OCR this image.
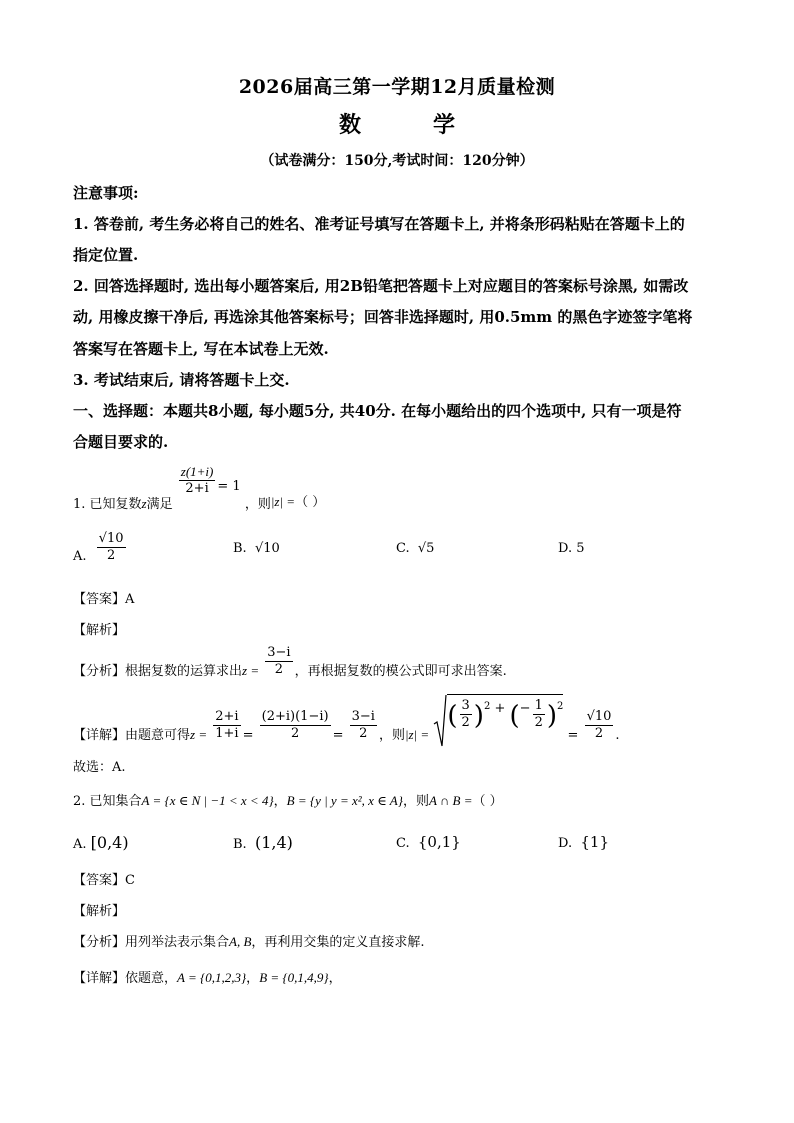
2026届高三第一学期12月质量检测
数	学
（试卷满分：150分,考试时间：120分钟）
注意事项:
1. 答卷前, 考生务必将自己的姓名、准考证号填写在答题卡上, 并将条形码粘贴在答题卡上的
指定位置.
2. 回答选择题时, 选出每小题答案后, 用2B铅笔把答题卡上对应题目的答案标号涂黑, 如需改
动, 用橡皮擦干净后, 再选涂其他答案标号；回答非选择题时, 用0.5mm 的黑色字迹签字笔将
答案写在答题卡上, 写在本试卷上无效.
3. 考试结束后, 请将答题卡上交.
一、选择题：本题共8小题, 每小题5分, 共40分. 在每小题给出的四个选项中, 只有一项是符
合题目要求的.
1. 已知复数z满足
$\frac{z(1+i)}{2+i} = 1$ ，则|z| =（ ）
A. $\frac{√10}{2}$	B. √10	C. √5	D. 5
【答案】A
【解析】
【分析】根据复数的运算求出$z = \frac{3-i}{2}$ ，再根据复数的模公式即可求出答案.
【详解】由题意可得$z = \frac{2+i}{1+i} = \frac{(2+i)(1-i)}{2} = \frac{3-i}{2}$ ，则|z| = ( $\frac{3}{2} )^2$ + (− $\frac{1}{2} )^2 = \frac{√10}{2}$ .
故选：A.
2. 已知集合A = {x ∈ N | −1 < x < 4}，B = {y | y = x², x ∈ A}，则A ∩ B =（ ）
A. [0,4)	B. (1,4)	C. {0,1}	D. {1}
【答案】C
【解析】
【分析】用列举法表示集合A, B，再利用交集的定义直接求解.
【详解】依题意，A = {0,1,2,3}，B = {0,1,4,9}，
